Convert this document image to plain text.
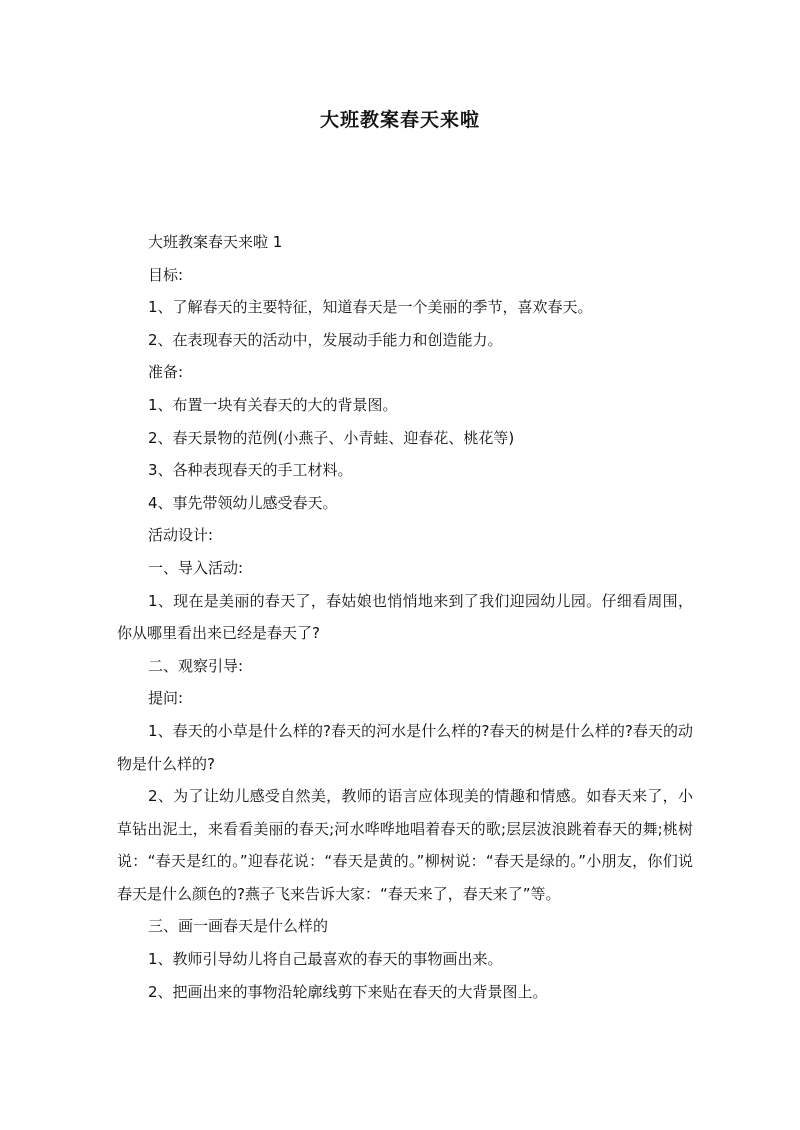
大班教案春天来啦

大班教案春天来啦 1

目标:

1、了解春天的主要特征，知道春天是一个美丽的季节，喜欢春天。

2、在表现春天的活动中，发展动手能力和创造能力。

准备:

1、布置一块有关春天的大的背景图。

2、春天景物的范例(小燕子、小青蛙、迎春花、桃花等)

3、各种表现春天的手工材料。

4、事先带领幼儿感受春天。

活动设计:

一、导入活动:

1、现在是美丽的春天了，春姑娘也悄悄地来到了我们迎园幼儿园。仔细看周围，你从哪里看出来已经是春天了?

二、观察引导:

提问:

1、春天的小草是什么样的?春天的河水是什么样的?春天的树是什么样的?春天的动物是什么样的?

2、为了让幼儿感受自然美，教师的语言应体现美的情趣和情感。如春天来了，小草钻出泥土，来看看美丽的春天;河水哗哗地唱着春天的歌;层层波浪跳着春天的舞;桃树说：“春天是红的。”迎春花说：“春天是黄的。”柳树说：“春天是绿的。”小朋友，你们说春天是什么颜色的?燕子飞来告诉大家：“春天来了，春天来了”等。

三、画一画春天是什么样的

1、教师引导幼儿将自己最喜欢的春天的事物画出来。

2、把画出来的事物沿轮廓线剪下来贴在春天的大背景图上。
